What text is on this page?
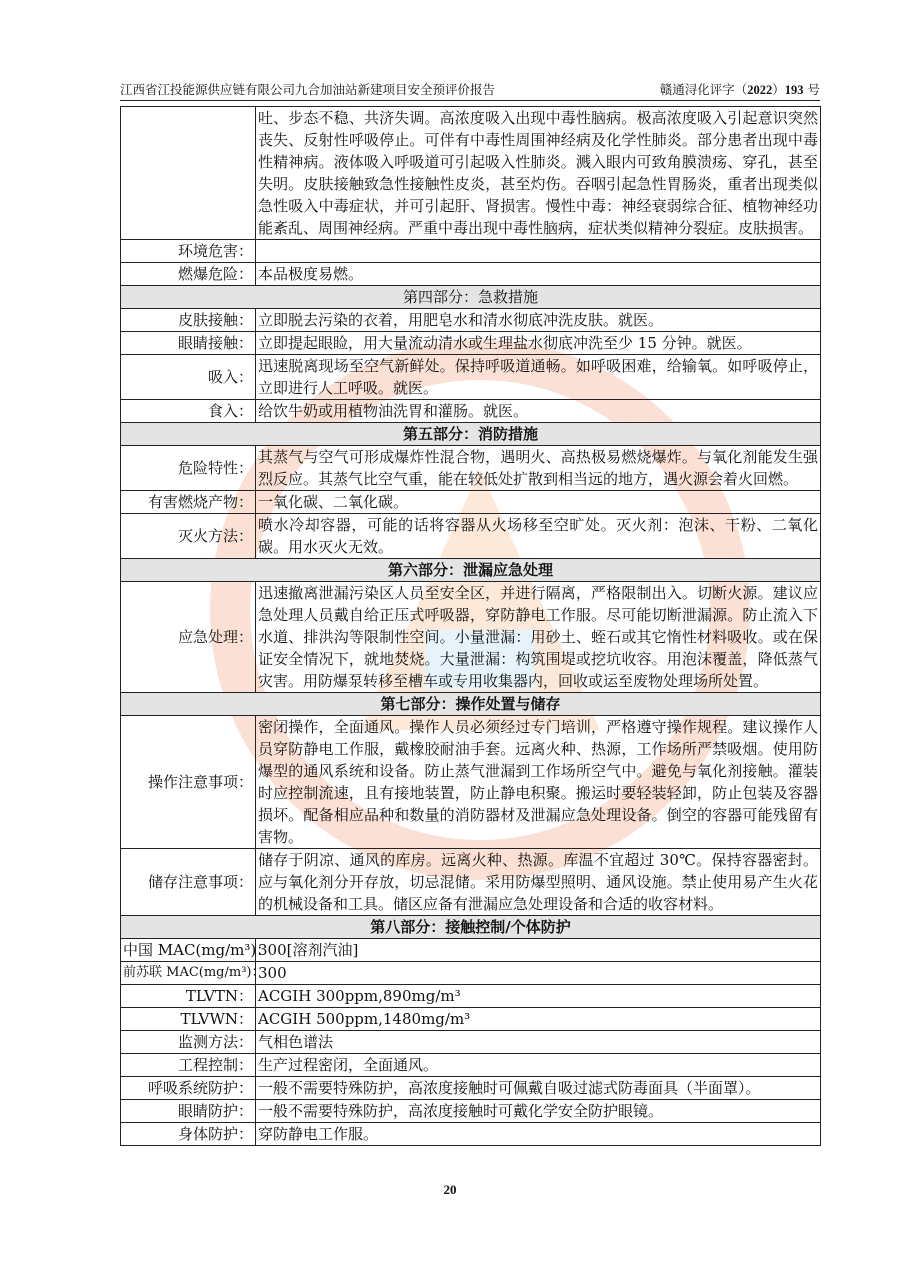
江西省江投能源供应链有限公司九合加油站新建项目安全预评价报告	赣通浔化评字（2022）193 号
	吐、步态不稳、共济失调。高浓度吸入出现中毒性脑病。极高浓度吸入引起意识突然丧失、反射性呼吸停止。可伴有中毒性周围神经病及化学性肺炎。部分患者出现中毒性精神病。液体吸入呼吸道可引起吸入性肺炎。溅入眼内可致角膜溃疡、穿孔，甚至失明。皮肤接触致急性接触性皮炎，甚至灼伤。吞咽引起急性胃肠炎，重者出现类似急性吸入中毒症状，并可引起肝、肾损害。慢性中毒：神经衰弱综合征、植物神经功能紊乱、周围神经病。严重中毒出现中毒性脑病，症状类似精神分裂症。皮肤损害。
环境危害：	
燃爆危险：	本品极度易燃。
第四部分：急救措施	
皮肤接触：	立即脱去污染的衣着，用肥皂水和清水彻底冲洗皮肤。就医。
眼睛接触：	立即提起眼睑，用大量流动清水或生理盐水彻底冲洗至少 15 分钟。就医。
吸入：	迅速脱离现场至空气新鲜处。保持呼吸道通畅。如呼吸困难，给输氧。如呼吸停止，立即进行人工呼吸。就医。
食入：	给饮牛奶或用植物油洗胃和灌肠。就医。
第五部分：消防措施	
危险特性：	其蒸气与空气可形成爆炸性混合物，遇明火、高热极易燃烧爆炸。与氧化剂能发生强烈反应。其蒸气比空气重，能在较低处扩散到相当远的地方，遇火源会着火回燃。
有害燃烧产物：	一氧化碳、二氧化碳。
灭火方法：	喷水冷却容器，可能的话将容器从火场移至空旷处。灭火剂：泡沫、干粉、二氧化碳。用水灭火无效。
第六部分：泄漏应急处理	
应急处理：	迅速撤离泄漏污染区人员至安全区，并进行隔离，严格限制出入。切断火源。建议应急处理人员戴自给正压式呼吸器，穿防静电工作服。尽可能切断泄漏源。防止流入下水道、排洪沟等限制性空间。小量泄漏：用砂土、蛭石或其它惰性材料吸收。或在保证安全情况下，就地焚烧。大量泄漏：构筑围堤或挖坑收容。用泡沫覆盖，降低蒸气灾害。用防爆泵转移至槽车或专用收集器内，回收或运至废物处理场所处置。
第七部分：操作处置与储存	
操作注意事项：	密闭操作，全面通风。操作人员必须经过专门培训，严格遵守操作规程。建议操作人员穿防静电工作服，戴橡胶耐油手套。远离火种、热源，工作场所严禁吸烟。使用防爆型的通风系统和设备。防止蒸气泄漏到工作场所空气中。避免与氧化剂接触。灌装时应控制流速，且有接地装置，防止静电积聚。搬运时要轻装轻卸，防止包装及容器损坏。配备相应品种和数量的消防器材及泄漏应急处理设备。倒空的容器可能残留有害物。
储存注意事项：	储存于阴凉、通风的库房。远离火种、热源。库温不宜超过 30℃。保持容器密封。应与氧化剂分开存放，切忌混储。采用防爆型照明、通风设施。禁止使用易产生火花的机械设备和工具。储区应备有泄漏应急处理设备和合适的收容材料。
第八部分：接触控制/个体防护	
中国 MAC(mg/m³)：	300[溶剂汽油]
前苏联 MAC(mg/m³)：	300
TLVTN：	ACGIH 300ppm,890mg/m³
TLVWN：	ACGIH 500ppm,1480mg/m³
监测方法：	气相色谱法
工程控制：	生产过程密闭，全面通风。
呼吸系统防护：	一般不需要特殊防护，高浓度接触时可佩戴自吸过滤式防毒面具（半面罩）。
眼睛防护：	一般不需要特殊防护，高浓度接触时可戴化学安全防护眼镜。
身体防护：	穿防静电工作服。
20
